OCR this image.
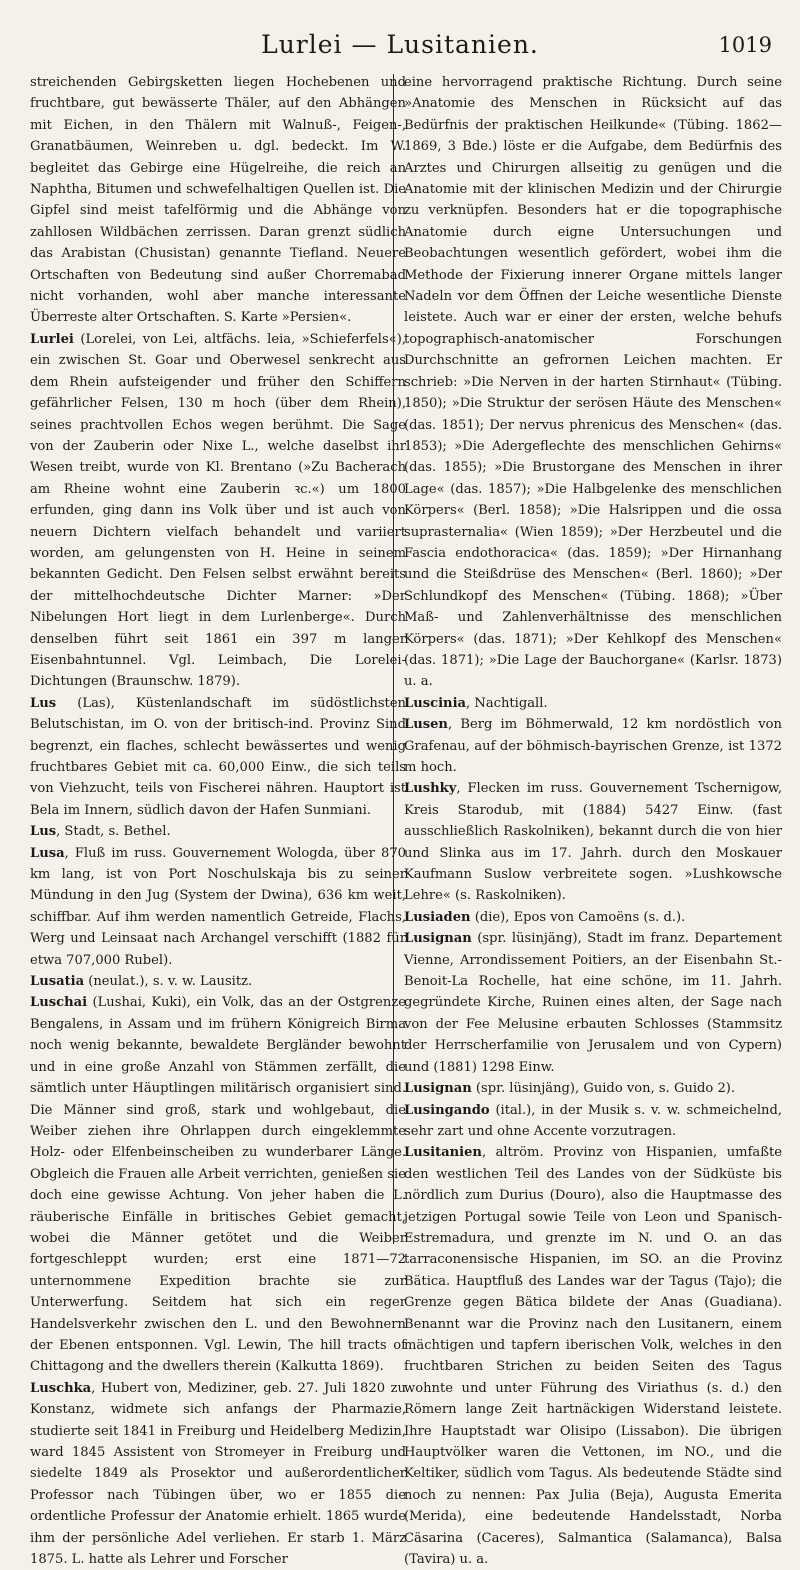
Lurlei — Lusitanien.	1019

streichenden Gebirgsketten liegen Hochebenen und fruchtbare, gut bewässerte Thäler, auf den Abhängen mit Eichen, in den Thälern mit Walnuß-, Feigen-, Granatbäumen, Weinreben u. dgl. bedeckt. Im W. begleitet das Gebirge eine Hügelreihe, die reich an Naphtha, Bitumen und schwefelhaltigen Quellen ist. Die Gipfel sind meist tafelförmig und die Abhänge von zahllosen Wildbächen zerrissen. Daran grenzt südlich das Arabistan (Chusistan) genannte Tiefland. Neuere Ortschaften von Bedeutung sind außer Chorremabad nicht vorhanden, wohl aber manche interessante Überreste alter Ortschaften. S. Karte »Persien«.

Lurlei (Lorelei, von Lei, altfächs. leia, »Schieferfels«), ein zwischen St. Goar und Oberwesel senkrecht aus dem Rhein aufsteigender und früher den Schiffern gefährlicher Felsen, 130 m hoch (über dem Rhein), seines prachtvollen Echos wegen berühmt. Die Sage von der Zauberin oder Nixe L., welche daselbst ihr Wesen treibt, wurde von Kl. Brentano (»Zu Bacherach am Rheine wohnt eine Zauberin ꝛc.«) um 1800 erfunden, ging dann ins Volk über und ist auch von neuern Dichtern vielfach behandelt und variiert worden, am gelungensten von H. Heine in seinem bekannten Gedicht. Den Felsen selbst erwähnt bereits der mittelhochdeutsche Dichter Marner: »Der Nibelungen Hort liegt in dem Lurlenberge«. Durch denselben führt seit 1861 ein 397 m langer Eisenbahntunnel. Vgl. Leimbach, Die Lorelei-Dichtungen (Braunschw. 1879).

Lus (Las), Küstenlandschaft im südöstlichsten Belutschistan, im O. von der britisch-ind. Provinz Sind begrenzt, ein flaches, schlecht bewässertes und wenig fruchtbares Gebiet mit ca. 60,000 Einw., die sich teils von Viehzucht, teils von Fischerei nähren. Hauptort ist Bela im Innern, südlich davon der Hafen Sunmiani.

Lus, Stadt, s. Bethel.

Lusa, Fluß im russ. Gouvernement Wologda, über 870 km lang, ist von Port Noschulskaja bis zu seiner Mündung in den Jug (System der Dwina), 636 km weit, schiffbar. Auf ihm werden namentlich Getreide, Flachs, Werg und Leinsaat nach Archangel verschifft (1882 für etwa 707,000 Rubel).

Lusatia (neulat.), s. v. w. Lausitz.

Luschai (Lushai, Kuki), ein Volk, das an der Ostgrenze Bengalens, in Assam und im frühern Königreich Birma noch wenig bekannte, bewaldete Bergländer bewohnt und in eine große Anzahl von Stämmen zerfällt, die sämtlich unter Häuptlingen militärisch organisiert sind. Die Männer sind groß, stark und wohlgebaut, die Weiber ziehen ihre Ohrlappen durch eingeklemmte Holz- oder Elfenbeinscheiben zu wunderbarer Länge. Obgleich die Frauen alle Arbeit verrichten, genießen sie doch eine gewisse Achtung. Von jeher haben die L. räuberische Einfälle in britisches Gebiet gemacht, wobei die Männer getötet und die Weiber fortgeschleppt wurden; erst eine 1871—72 unternommene Expedition brachte sie zur Unterwerfung. Seitdem hat sich ein reger Handelsverkehr zwischen den L. und den Bewohnern der Ebenen entsponnen. Vgl. Lewin, The hill tracts of Chittagong and the dwellers therein (Kalkutta 1869).

Luschka, Hubert von, Mediziner, geb. 27. Juli 1820 zu Konstanz, widmete sich anfangs der Pharmazie, studierte seit 1841 in Freiburg und Heidelberg Medizin, ward 1845 Assistent von Stromeyer in Freiburg und siedelte 1849 als Prosektor und außerordentlicher Professor nach Tübingen über, wo er 1855 die ordentliche Professur der Anatomie erhielt. 1865 wurde ihm der persönliche Adel verliehen. Er starb 1. März 1875. L. hatte als Lehrer und Forscher

eine hervorragend praktische Richtung. Durch seine »Anatomie des Menschen in Rücksicht auf das Bedürfnis der praktischen Heilkunde« (Tübing. 1862—1869, 3 Bde.) löste er die Aufgabe, dem Bedürfnis des Arztes und Chirurgen allseitig zu genügen und die Anatomie mit der klinischen Medizin und der Chirurgie zu verknüpfen. Besonders hat er die topographische Anatomie durch eigne Untersuchungen und Beobachtungen wesentlich gefördert, wobei ihm die Methode der Fixierung innerer Organe mittels langer Nadeln vor dem Öffnen der Leiche wesentliche Dienste leistete. Auch war er einer der ersten, welche behufs topographisch-anatomischer Forschungen Durchschnitte an gefrornen Leichen machten. Er schrieb: »Die Nerven in der harten Stirnhaut« (Tübing. 1850); »Die Struktur der serösen Häute des Menschen« (das. 1851); Der nervus phrenicus des Menschen« (das. 1853); »Die Adergeflechte des menschlichen Gehirns« (das. 1855); »Die Brustorgane des Menschen in ihrer Lage« (das. 1857); »Die Halbgelenke des menschlichen Körpers« (Berl. 1858); »Die Halsrippen und die ossa suprasternalia« (Wien 1859); »Der Herzbeutel und die Fascia endothoracica« (das. 1859); »Der Hirnanhang und die Steißdrüse des Menschen« (Berl. 1860); »Der Schlundkopf des Menschen« (Tübing. 1868); »Über Maß- und Zahlenverhältnisse des menschlichen Körpers« (das. 1871); »Der Kehlkopf des Menschen« (das. 1871); »Die Lage der Bauchorgane« (Karlsr. 1873) u. a.

Luscinia, Nachtigall.

Lusen, Berg im Böhmerwald, 12 km nordöstlich von Grafenau, auf der böhmisch-bayrischen Grenze, ist 1372 m hoch.

Lushky, Flecken im russ. Gouvernement Tschernigow, Kreis Starodub, mit (1884) 5427 Einw. (fast ausschließlich Raskolniken), bekannt durch die von hier und Slinka aus im 17. Jahrh. durch den Moskauer Kaufmann Suslow verbreitete sogen. »Lushkowsche Lehre« (s. Raskolniken).

Lusiaden (die), Epos von Camoëns (s. d.).

Lusignan (spr. lüsinjäng), Stadt im franz. Departement Vienne, Arrondissement Poitiers, an der Eisenbahn St.-Benoit-La Rochelle, hat eine schöne, im 11. Jahrh. gegründete Kirche, Ruinen eines alten, der Sage nach von der Fee Melusine erbauten Schlosses (Stammsitz der Herrscherfamilie von Jerusalem und von Cypern) und (1881) 1298 Einw.

Lusignan (spr. lüsinjäng), Guido von, s. Guido 2).

Lusingando (ital.), in der Musik s. v. w. schmeichelnd, sehr zart und ohne Accente vorzutragen.

Lusitanien, altröm. Provinz von Hispanien, umfaßte den westlichen Teil des Landes von der Südküste bis nördlich zum Durius (Douro), also die Hauptmasse des jetzigen Portugal sowie Teile von Leon und Spanisch-Estremadura, und grenzte im N. und O. an das tarraconensische Hispanien, im SO. an die Provinz Bätica. Hauptfluß des Landes war der Tagus (Tajo); die Grenze gegen Bätica bildete der Anas (Guadiana). Benannt war die Provinz nach den Lusitanern, einem mächtigen und tapfern iberischen Volk, welches in den fruchtbaren Strichen zu beiden Seiten des Tagus wohnte und unter Führung des Viriathus (s. d.) den Römern lange Zeit hartnäckigen Widerstand leistete. Ihre Hauptstadt war Olisipo (Lissabon). Die übrigen Hauptvölker waren die Vettonen, im NO., und die Keltiker, südlich vom Tagus. Als bedeutende Städte sind noch zu nennen: Pax Julia (Beja), Augusta Emerita (Merida), eine bedeutende Handelsstadt, Norba Cäsarina (Caceres), Salmantica (Salamanca), Balsa (Tavira) u. a.
